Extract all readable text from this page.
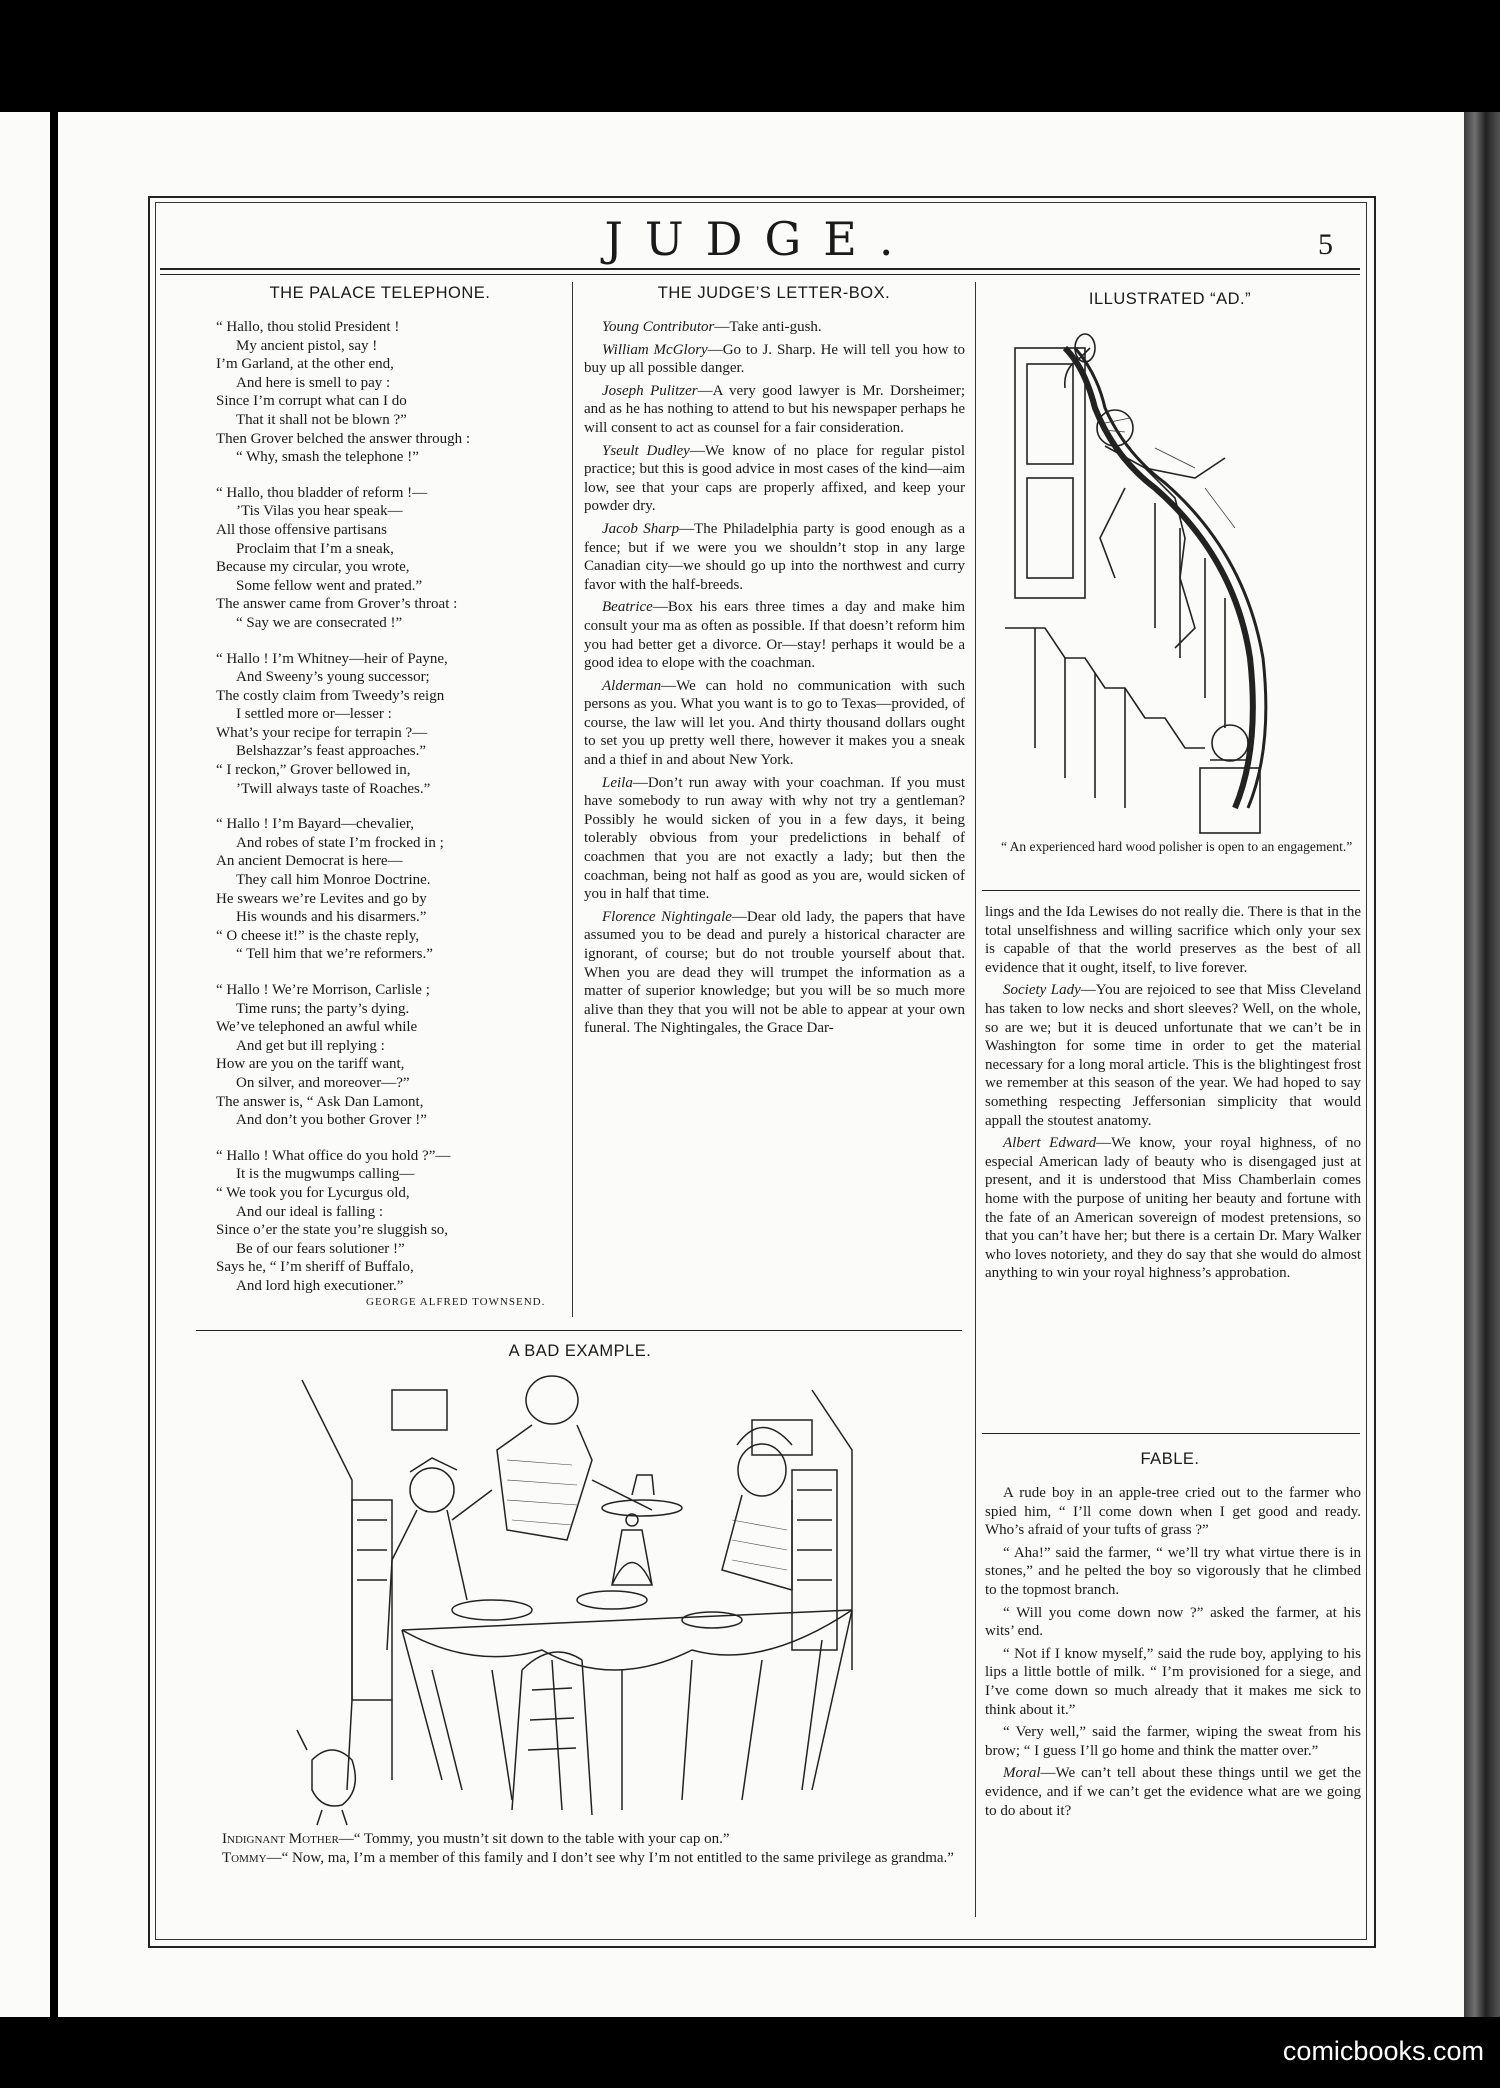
JUDGE.	5
THE PALACE TELEPHONE.
“ Hallo, thou stolid President !
My ancient pistol, say !
I’m Garland, at the other end,
And here is smell to pay :
Since I’m corrupt what can I do
That it shall not be blown ?”
Then Grover belched the answer through :
“ Why, smash the telephone !”
“ Hallo, thou bladder of reform !—
’Tis Vilas you hear speak—
All those offensive partisans
Proclaim that I’m a sneak,
Because my circular, you wrote,
Some fellow went and prated.”
The answer came from Grover’s throat :
“ Say we are consecrated !”
“ Hallo ! I’m Whitney—heir of Payne,
And Sweeny’s young successor;
The costly claim from Tweedy’s reign
I settled more or—lesser :
What’s your recipe for terrapin ?—
Belshazzar’s feast approaches.”
“ I reckon,” Grover bellowed in,
’Twill always taste of Roaches.”
“ Hallo ! I’m Bayard—chevalier,
And robes of state I’m frocked in ;
An ancient Democrat is here—
They call him Monroe Doctrine.
He swears we’re Levites and go by
His wounds and his disarmers.”
“ O cheese it!” is the chaste reply,
“ Tell him that we’re reformers.”
“ Hallo ! We’re Morrison, Carlisle ;
Time runs; the party’s dying.
We’ve telephoned an awful while
And get but ill replying :
How are you on the tariff want,
On silver, and moreover—?”
The answer is, “ Ask Dan Lamont,
And don’t you bother Grover !”
“ Hallo ! What office do you hold ?”—
It is the mugwumps calling—
“ We took you for Lycurgus old,
And our ideal is falling :
Since o’er the state you’re sluggish so,
Be of our fears solutioner !”
Says he, “ I’m sheriff of Buffalo,
And lord high executioner.”
GEORGE ALFRED TOWNSEND.
THE JUDGE’S LETTER-BOX.

Young Contributor—Take anti-gush.

William McGlory—Go to J. Sharp. He will tell you how to buy up all possible danger.

Joseph Pulitzer—A very good lawyer is Mr. Dorsheimer; and as he has nothing to attend to but his newspaper perhaps he will consent to act as counsel for a fair consideration.

Yseult Dudley—We know of no place for regular pistol practice; but this is good advice in most cases of the kind—aim low, see that your caps are properly affixed, and keep your powder dry.

Jacob Sharp—The Philadelphia party is good enough as a fence; but if we were you we shouldn’t stop in any large Canadian city—we should go up into the northwest and curry favor with the half-breeds.

Beatrice—Box his ears three times a day and make him consult your ma as often as possible. If that doesn’t reform him you had better get a divorce. Or—stay! perhaps it would be a good idea to elope with the coachman.

Alderman—We can hold no communication with such persons as you. What you want is to go to Texas—provided, of course, the law will let you. And thirty thousand dollars ought to set you up pretty well there, however it makes you a sneak and a thief in and about New York.

Leila—Don’t run away with your coachman. If you must have somebody to run away with why not try a gentleman? Possibly he would sicken of you in a few days, it being tolerably obvious from your predelictions in behalf of coachmen that you are not exactly a lady; but then the coachman, being not half as good as you are, would sicken of you in half that time.

Florence Nightingale—Dear old lady, the papers that have assumed you to be dead and purely a historical character are ignorant, of course; but do not trouble yourself about that. When you are dead they will trumpet the information as a matter of superior knowledge; but you will be so much more alive than they that you will not be able to appear at your own funeral. The Nightingales, the Grace Dar-

ILLUSTRATED “AD.”
“ An experienced hard wood polisher is open to an engagement.”

lings and the Ida Lewises do not really die. There is that in the total unselfishness and willing sacrifice which only your sex is capable of that the world preserves as the best of all evidence that it ought, itself, to live forever.

Society Lady—You are rejoiced to see that Miss Cleveland has taken to low necks and short sleeves? Well, on the whole, so are we; but it is deuced unfortunate that we can’t be in Washington for some time in order to get the material necessary for a long moral article. This is the blightingest frost we remember at this season of the year. We had hoped to say something respecting Jeffersonian simplicity that would appall the stoutest anatomy.

Albert Edward—We know, your royal highness, of no especial American lady of beauty who is disengaged just at present, and it is understood that Miss Chamberlain comes home with the purpose of uniting her beauty and fortune with the fate of an American sovereign of modest pretensions, so that you can’t have her; but there is a certain Dr. Mary Walker who loves notoriety, and they do say that she would do almost anything to win your royal highness’s approbation.

FABLE.

A rude boy in an apple-tree cried out to the farmer who spied him, “ I’ll come down when I get good and ready. Who’s afraid of your tufts of grass ?”

“ Aha!” said the farmer, “ we’ll try what virtue there is in stones,” and he pelted the boy so vigorously that he climbed to the topmost branch.

“ Will you come down now ?” asked the farmer, at his wits’ end.

“ Not if I know myself,” said the rude boy, applying to his lips a little bottle of milk. “ I’m provisioned for a siege, and I’ve come down so much already that it makes me sick to think about it.”

“ Very well,” said the farmer, wiping the sweat from his brow; “ I guess I’ll go home and think the matter over.”

Moral—We can’t tell about these things until we get the evidence, and if we can’t get the evidence what are we going to do about it?

A BAD EXAMPLE.
Indignant Mother—“ Tommy, you mustn’t sit down to the table with your cap on.”
Tommy—“ Now, ma, I’m a member of this family and I don’t see why I’m not entitled to the same privilege as grandma.”
comicbooks.com
